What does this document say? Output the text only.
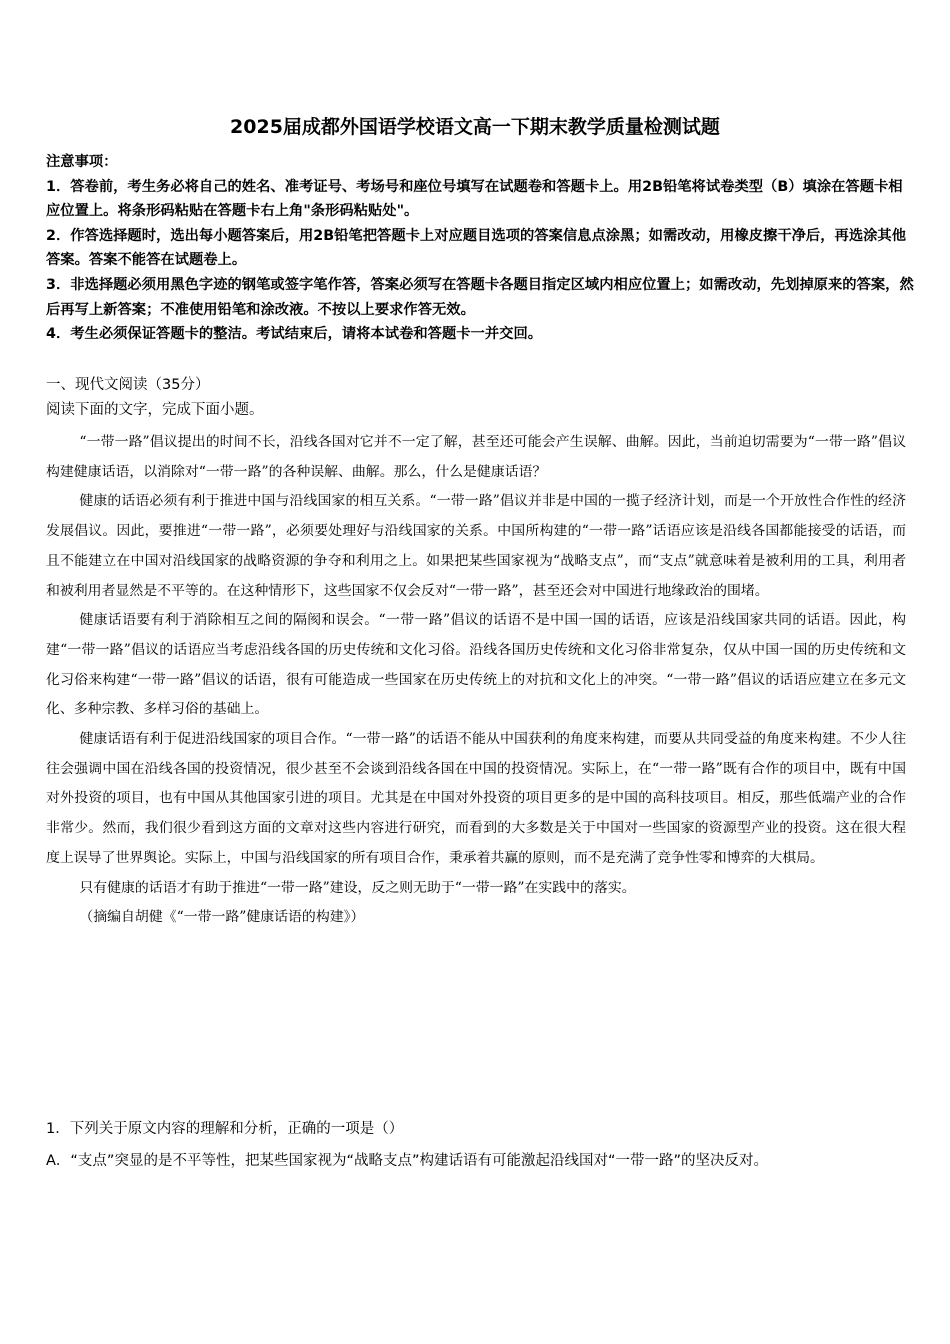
2025届成都外国语学校语文高一下期末教学质量检测试题

注意事项：

1．答卷前，考生务必将自己的姓名、准考证号、考场号和座位号填写在试题卷和答题卡上。用2B铅笔将试卷类型（B）填涂在答题卡相应位置上。将条形码粘贴在答题卡右上角"条形码粘贴处"。

2．作答选择题时，选出每小题答案后，用2B铅笔把答题卡上对应题目选项的答案信息点涂黑；如需改动，用橡皮擦干净后，再选涂其他答案。答案不能答在试题卷上。

3．非选择题必须用黑色字迹的钢笔或签字笔作答，答案必须写在答题卡各题目指定区域内相应位置上；如需改动，先划掉原来的答案，然后再写上新答案；不准使用铅笔和涂改液。不按以上要求作答无效。

4．考生必须保证答题卡的整洁。考试结束后，请将本试卷和答题卡一并交回。

一、现代文阅读（35分）
阅读下面的文字，完成下面小题。

“一带一路”倡议提出的时间不长，沿线各国对它并不一定了解，甚至还可能会产生误解、曲解。因此，当前迫切需要为“一带一路”倡议构建健康话语，以消除对“一带一路”的各种误解、曲解。那么，什么是健康话语？

健康的话语必须有利于推进中国与沿线国家的相互关系。“一带一路”倡议并非是中国的一揽子经济计划，而是一个开放性合作性的经济发展倡议。因此，要推进“一带一路”，必须要处理好与沿线国家的关系。中国所构建的“一带一路”话语应该是沿线各国都能接受的话语，而且不能建立在中国对沿线国家的战略资源的争夺和利用之上。如果把某些国家视为“战略支点”，而“支点”就意味着是被利用的工具，利用者和被利用者显然是不平等的。在这种情形下，这些国家不仅会反对“一带一路”，甚至还会对中国进行地缘政治的围堵。

健康话语要有利于消除相互之间的隔阂和误会。“一带一路”倡议的话语不是中国一国的话语，应该是沿线国家共同的话语。因此，构建“一带一路”倡议的话语应当考虑沿线各国的历史传统和文化习俗。沿线各国历史传统和文化习俗非常复杂，仅从中国一国的历史传统和文化习俗来构建“一带一路”倡议的话语，很有可能造成一些国家在历史传统上的对抗和文化上的冲突。“一带一路”倡议的话语应建立在多元文化、多种宗教、多样习俗的基础上。

健康话语有利于促进沿线国家的项目合作。“一带一路”的话语不能从中国获利的角度来构建，而要从共同受益的角度来构建。不少人往往会强调中国在沿线各国的投资情况，很少甚至不会谈到沿线各国在中国的投资情况。实际上，在“一带一路”既有合作的项目中，既有中国对外投资的项目，也有中国从其他国家引进的项目。尤其是在中国对外投资的项目更多的是中国的高科技项目。相反，那些低端产业的合作非常少。然而，我们很少看到这方面的文章对这些内容进行研究，而看到的大多数是关于中国对一些国家的资源型产业的投资。这在很大程度上误导了世界舆论。实际上，中国与沿线国家的所有项目合作，秉承着共赢的原则，而不是充满了竞争性零和博弈的大棋局。

只有健康的话语才有助于推进“一带一路”建设，反之则无助于“一带一路”在实践中的落实。

（摘编自胡健《“一带一路”健康话语的构建》）

1．下列关于原文内容的理解和分析，正确的一项是（）

A．“支点”突显的是不平等性，把某些国家视为“战略支点”构建话语有可能激起沿线国对“一带一路”的坚决反对。
